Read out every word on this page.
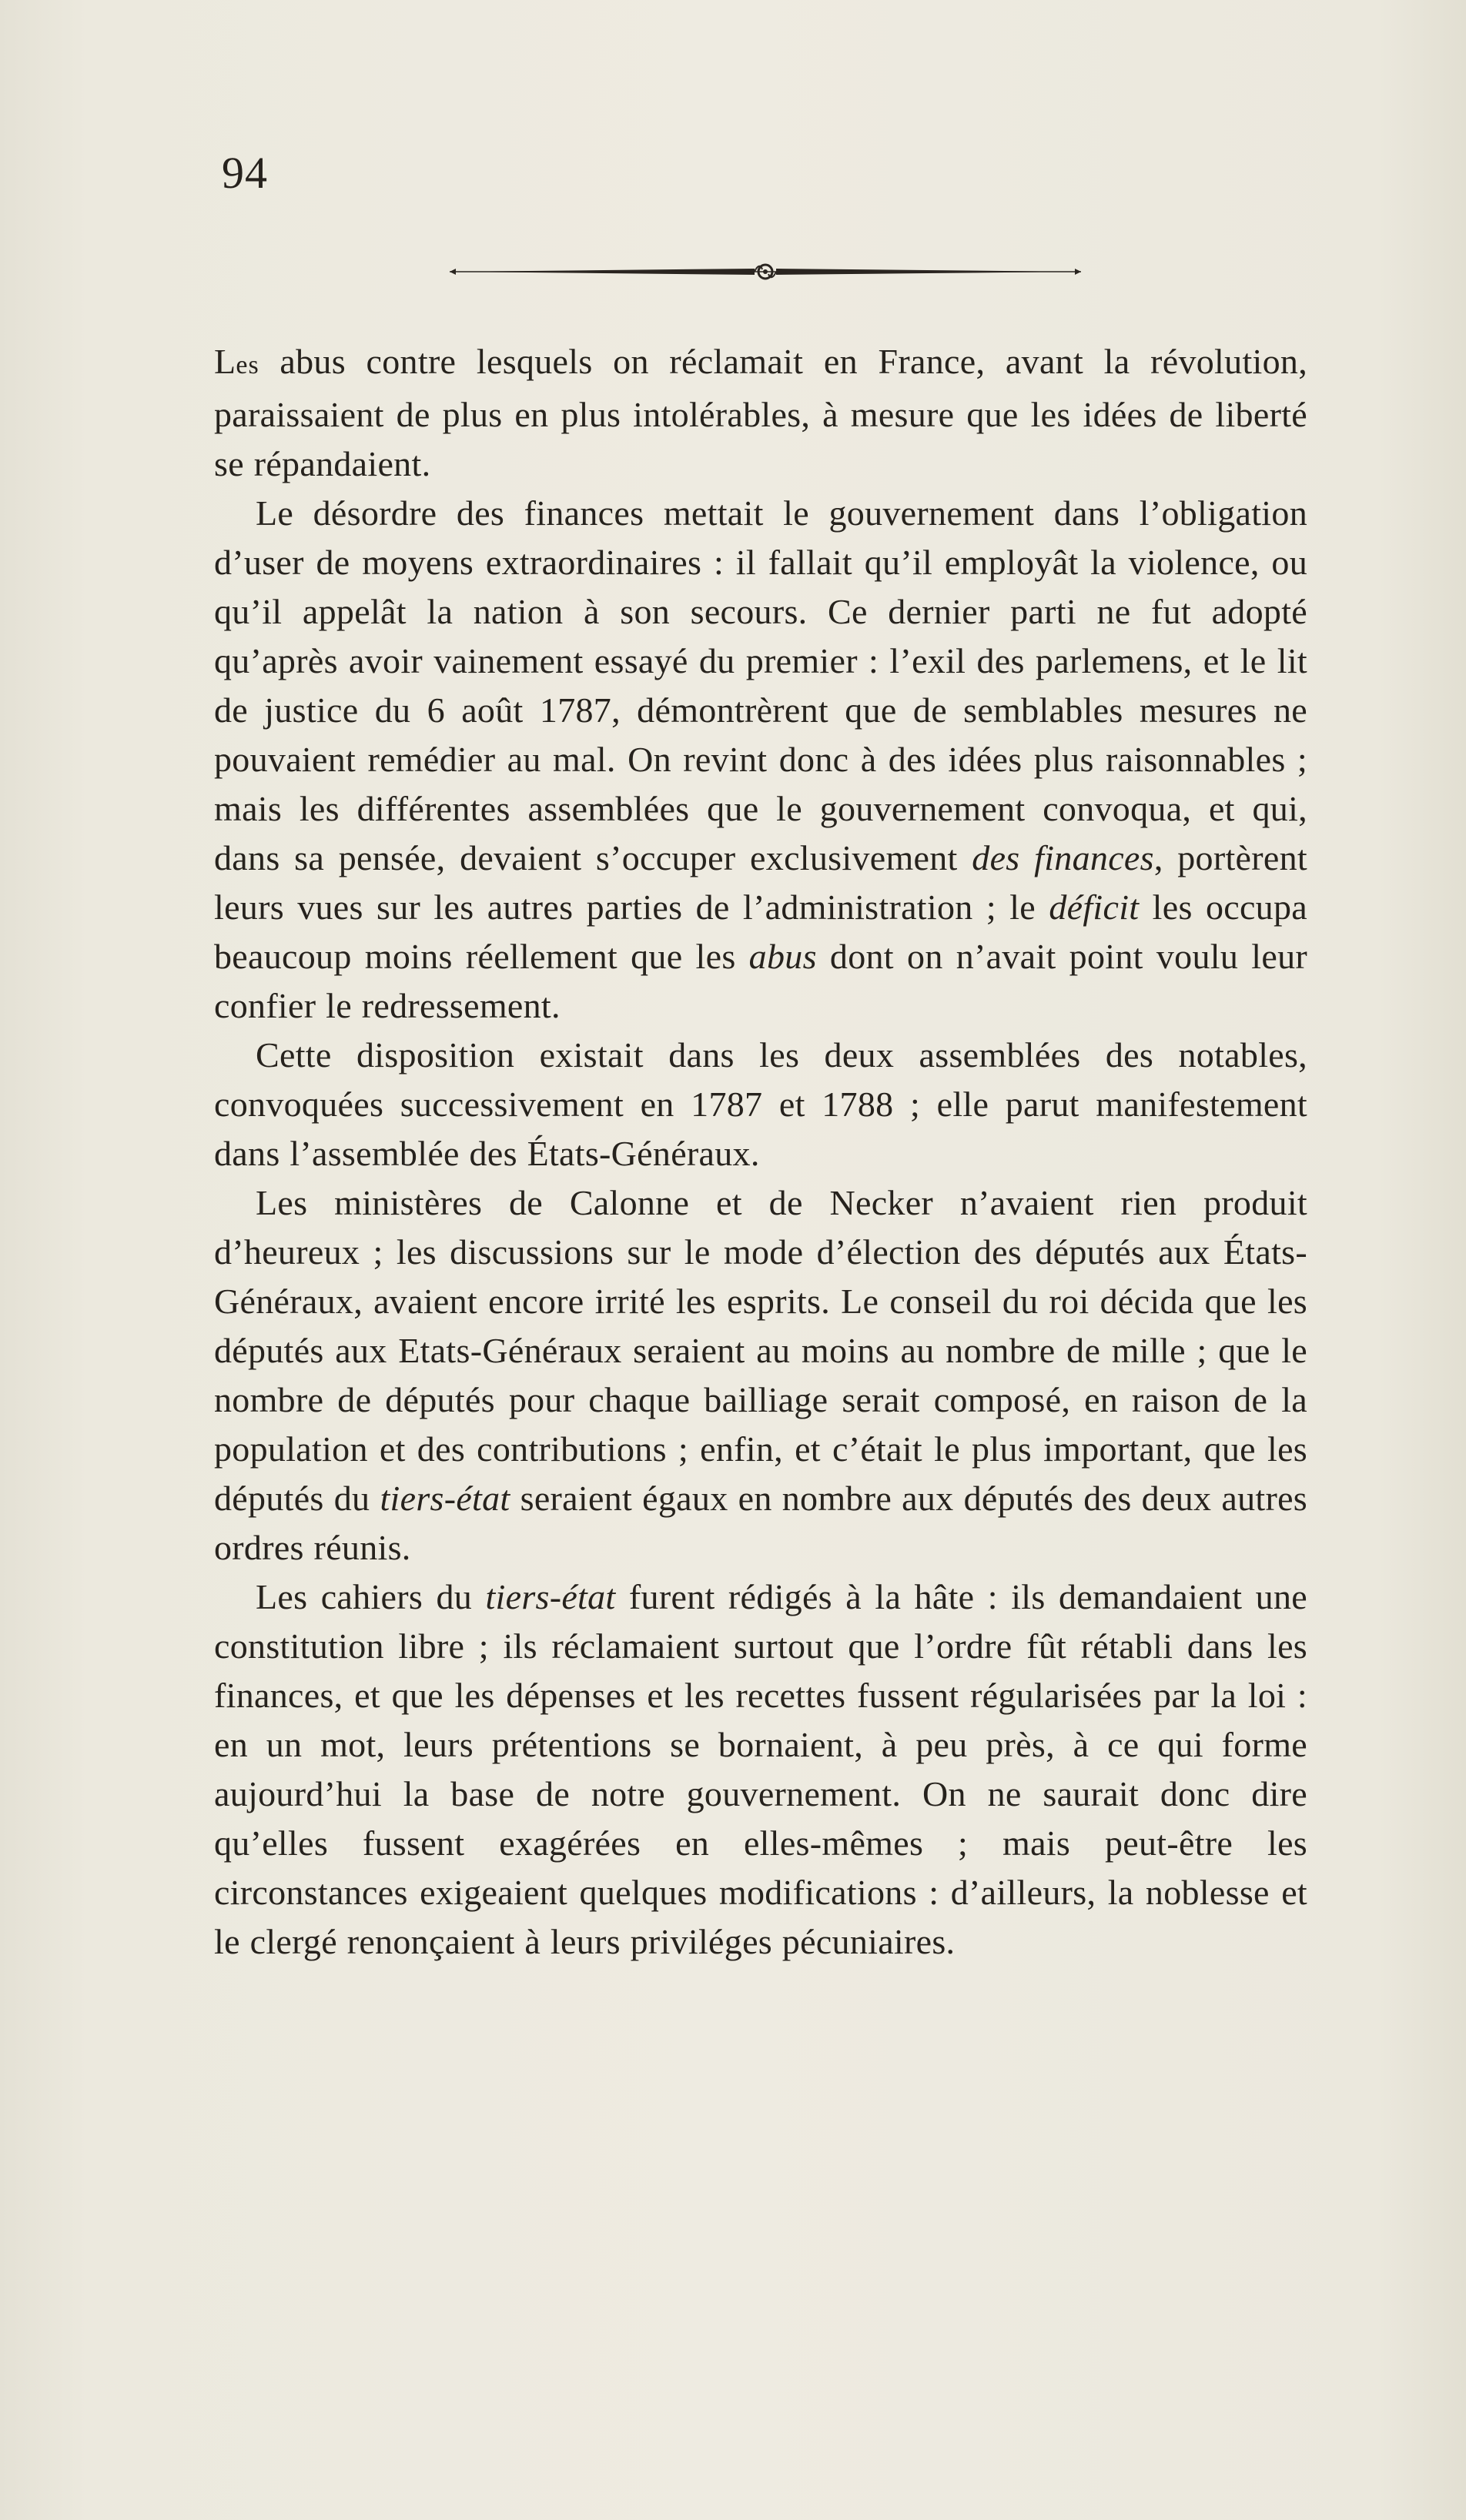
94

Les abus contre lesquels on réclamait en France, avant la révolution, paraissaient de plus en plus intolérables, à mesure que les idées de liberté se répandaient.

Le désordre des finances mettait le gouvernement dans l’obligation d’user de moyens extraordinaires : il fallait qu’il employât la violence, ou qu’il appelât la nation à son secours. Ce dernier parti ne fut adopté qu’après avoir vainement essayé du premier : l’exil des parlemens, et le lit de justice du 6 août 1787, démontrèrent que de semblables mesures ne pouvaient remédier au mal. On revint donc à des idées plus raisonnables ; mais les différentes assemblées que le gouvernement convoqua, et qui, dans sa pensée, devaient s’occuper exclusivement des finances, portèrent leurs vues sur les autres parties de l’administration ; le déficit les occupa beaucoup moins réellement que les abus dont on n’avait point voulu leur confier le redressement.

Cette disposition existait dans les deux assemblées des notables, convoquées successivement en 1787 et 1788 ; elle parut manifestement dans l’assemblée des États-Généraux.

Les ministères de Calonne et de Necker n’avaient rien produit d’heureux ; les discussions sur le mode d’élection des députés aux États-Généraux, avaient encore irrité les esprits. Le conseil du roi décida que les députés aux Etats-Généraux seraient au moins au nombre de mille ; que le nombre de députés pour chaque bailliage serait composé, en raison de la population et des contributions ; enfin, et c’était le plus important, que les députés du tiers-état seraient égaux en nombre aux députés des deux autres ordres réunis.

Les cahiers du tiers-état furent rédigés à la hâte : ils demandaient une constitution libre ; ils réclamaient surtout que l’ordre fût rétabli dans les finances, et que les dépenses et les recettes fussent régularisées par la loi : en un mot, leurs prétentions se bornaient, à peu près, à ce qui forme aujourd’hui la base de notre gouvernement. On ne saurait donc dire qu’elles fussent exagérées en elles-mêmes ; mais peut-être les circonstances exigeaient quelques modifications : d’ailleurs, la noblesse et le clergé renonçaient à leurs priviléges pécuniaires.
